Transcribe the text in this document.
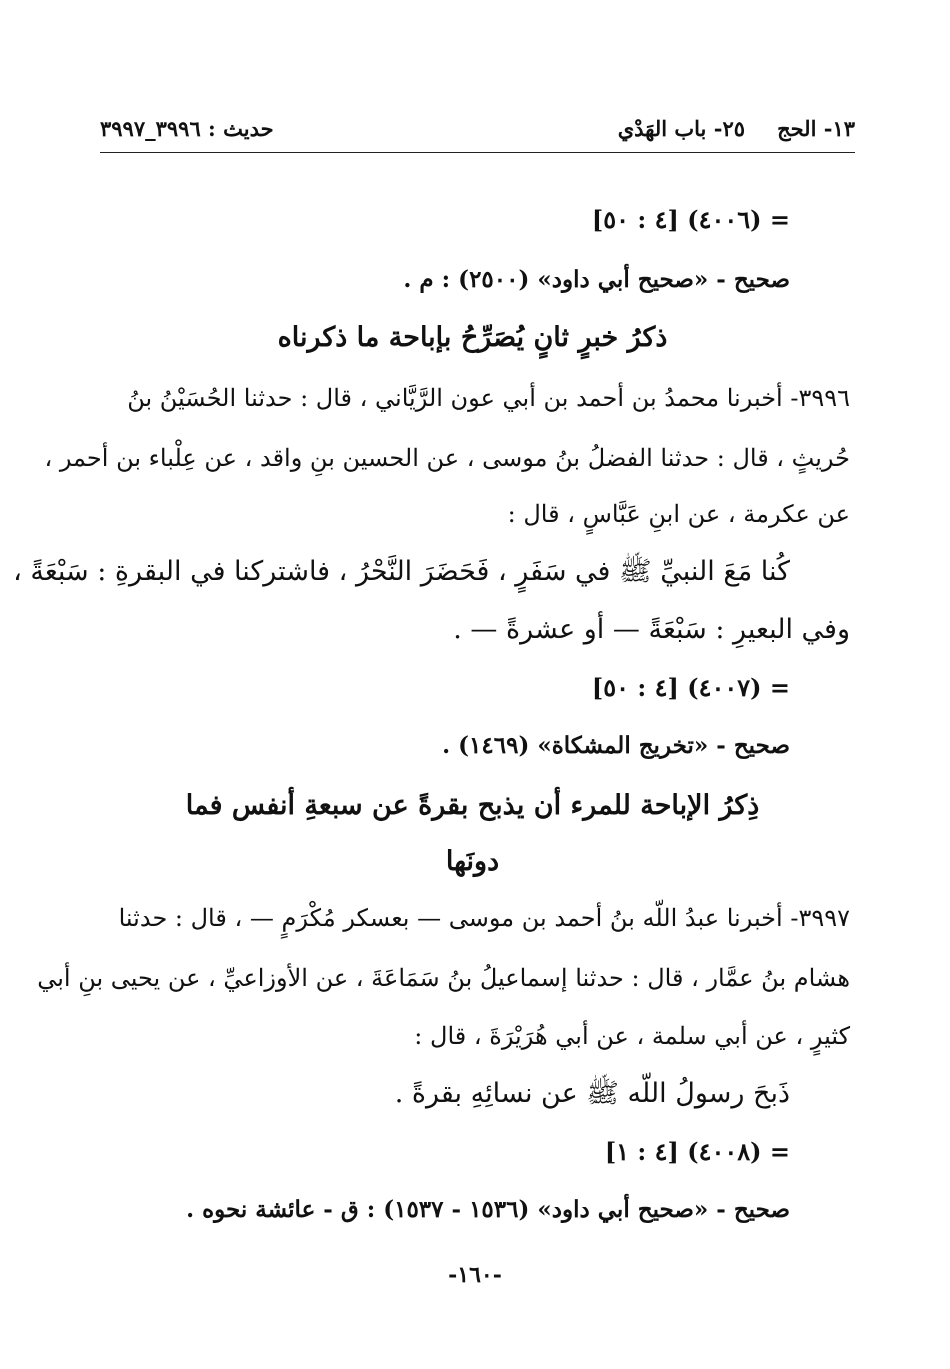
١٣- الحج
٢٥- باب الهَدْي
حديث : ٣٩٩٦_٣٩٩٧
= (٤٠٠٦) [٤ : ٥٠]
صحيح - «صحيح أبي داود» (٢٥٠٠) : م .
ذكرُ خبرٍ ثانٍ يُصَرِّحُ بإباحة ما ذكرناه
٣٩٩٦- أخبرنا محمدُ بن أحمد بن أبي عون الرَّيَّاني ، قال : حدثنا الحُسَيْنُ بنُ
حُريثٍ ، قال : حدثنا الفضلُ بنُ موسى ، عن الحسين بنِ واقد ، عن عِلْباء بن أحمر ،
عن عكرمة ، عن ابنِ عَبَّاسٍ ، قال :
كُنا مَعَ النبيِّ ﷺ في سَفَرٍ ، فَحَضَرَ النَّحْرُ ، فاشتركنا في البقرةِ : سَبْعَةً ،
وفي البعيرِ : سَبْعَةً — أو عشرةً — .
= (٤٠٠٧) [٤ : ٥٠]
صحيح - «تخريج المشكاة» (١٤٦٩) .
ذِكرُ الإباحة للمرء أن يذبح بقرةً عن سبعةِ أنفس فما
دونَها
٣٩٩٧- أخبرنا عبدُ اللّه بنُ أحمد بن موسى — بعسكر مُكْرَمٍ — ، قال : حدثنا
هشام بنُ عمَّار ، قال : حدثنا إسماعيلُ بنُ سَمَاعَةَ ، عن الأوزاعيِّ ، عن يحيى بنِ أبي
كثيرٍ ، عن أبي سلمة ، عن أبي هُرَيْرَةَ ، قال :
ذَبحَ رسولُ اللّه ﷺ عن نسائِهِ بقرةً .
= (٤٠٠٨) [٤ : ١]
صحيح - «صحيح أبي داود» (١٥٣٦ - ١٥٣٧) : ق - عائشة نحوه .
-١٦٠-
